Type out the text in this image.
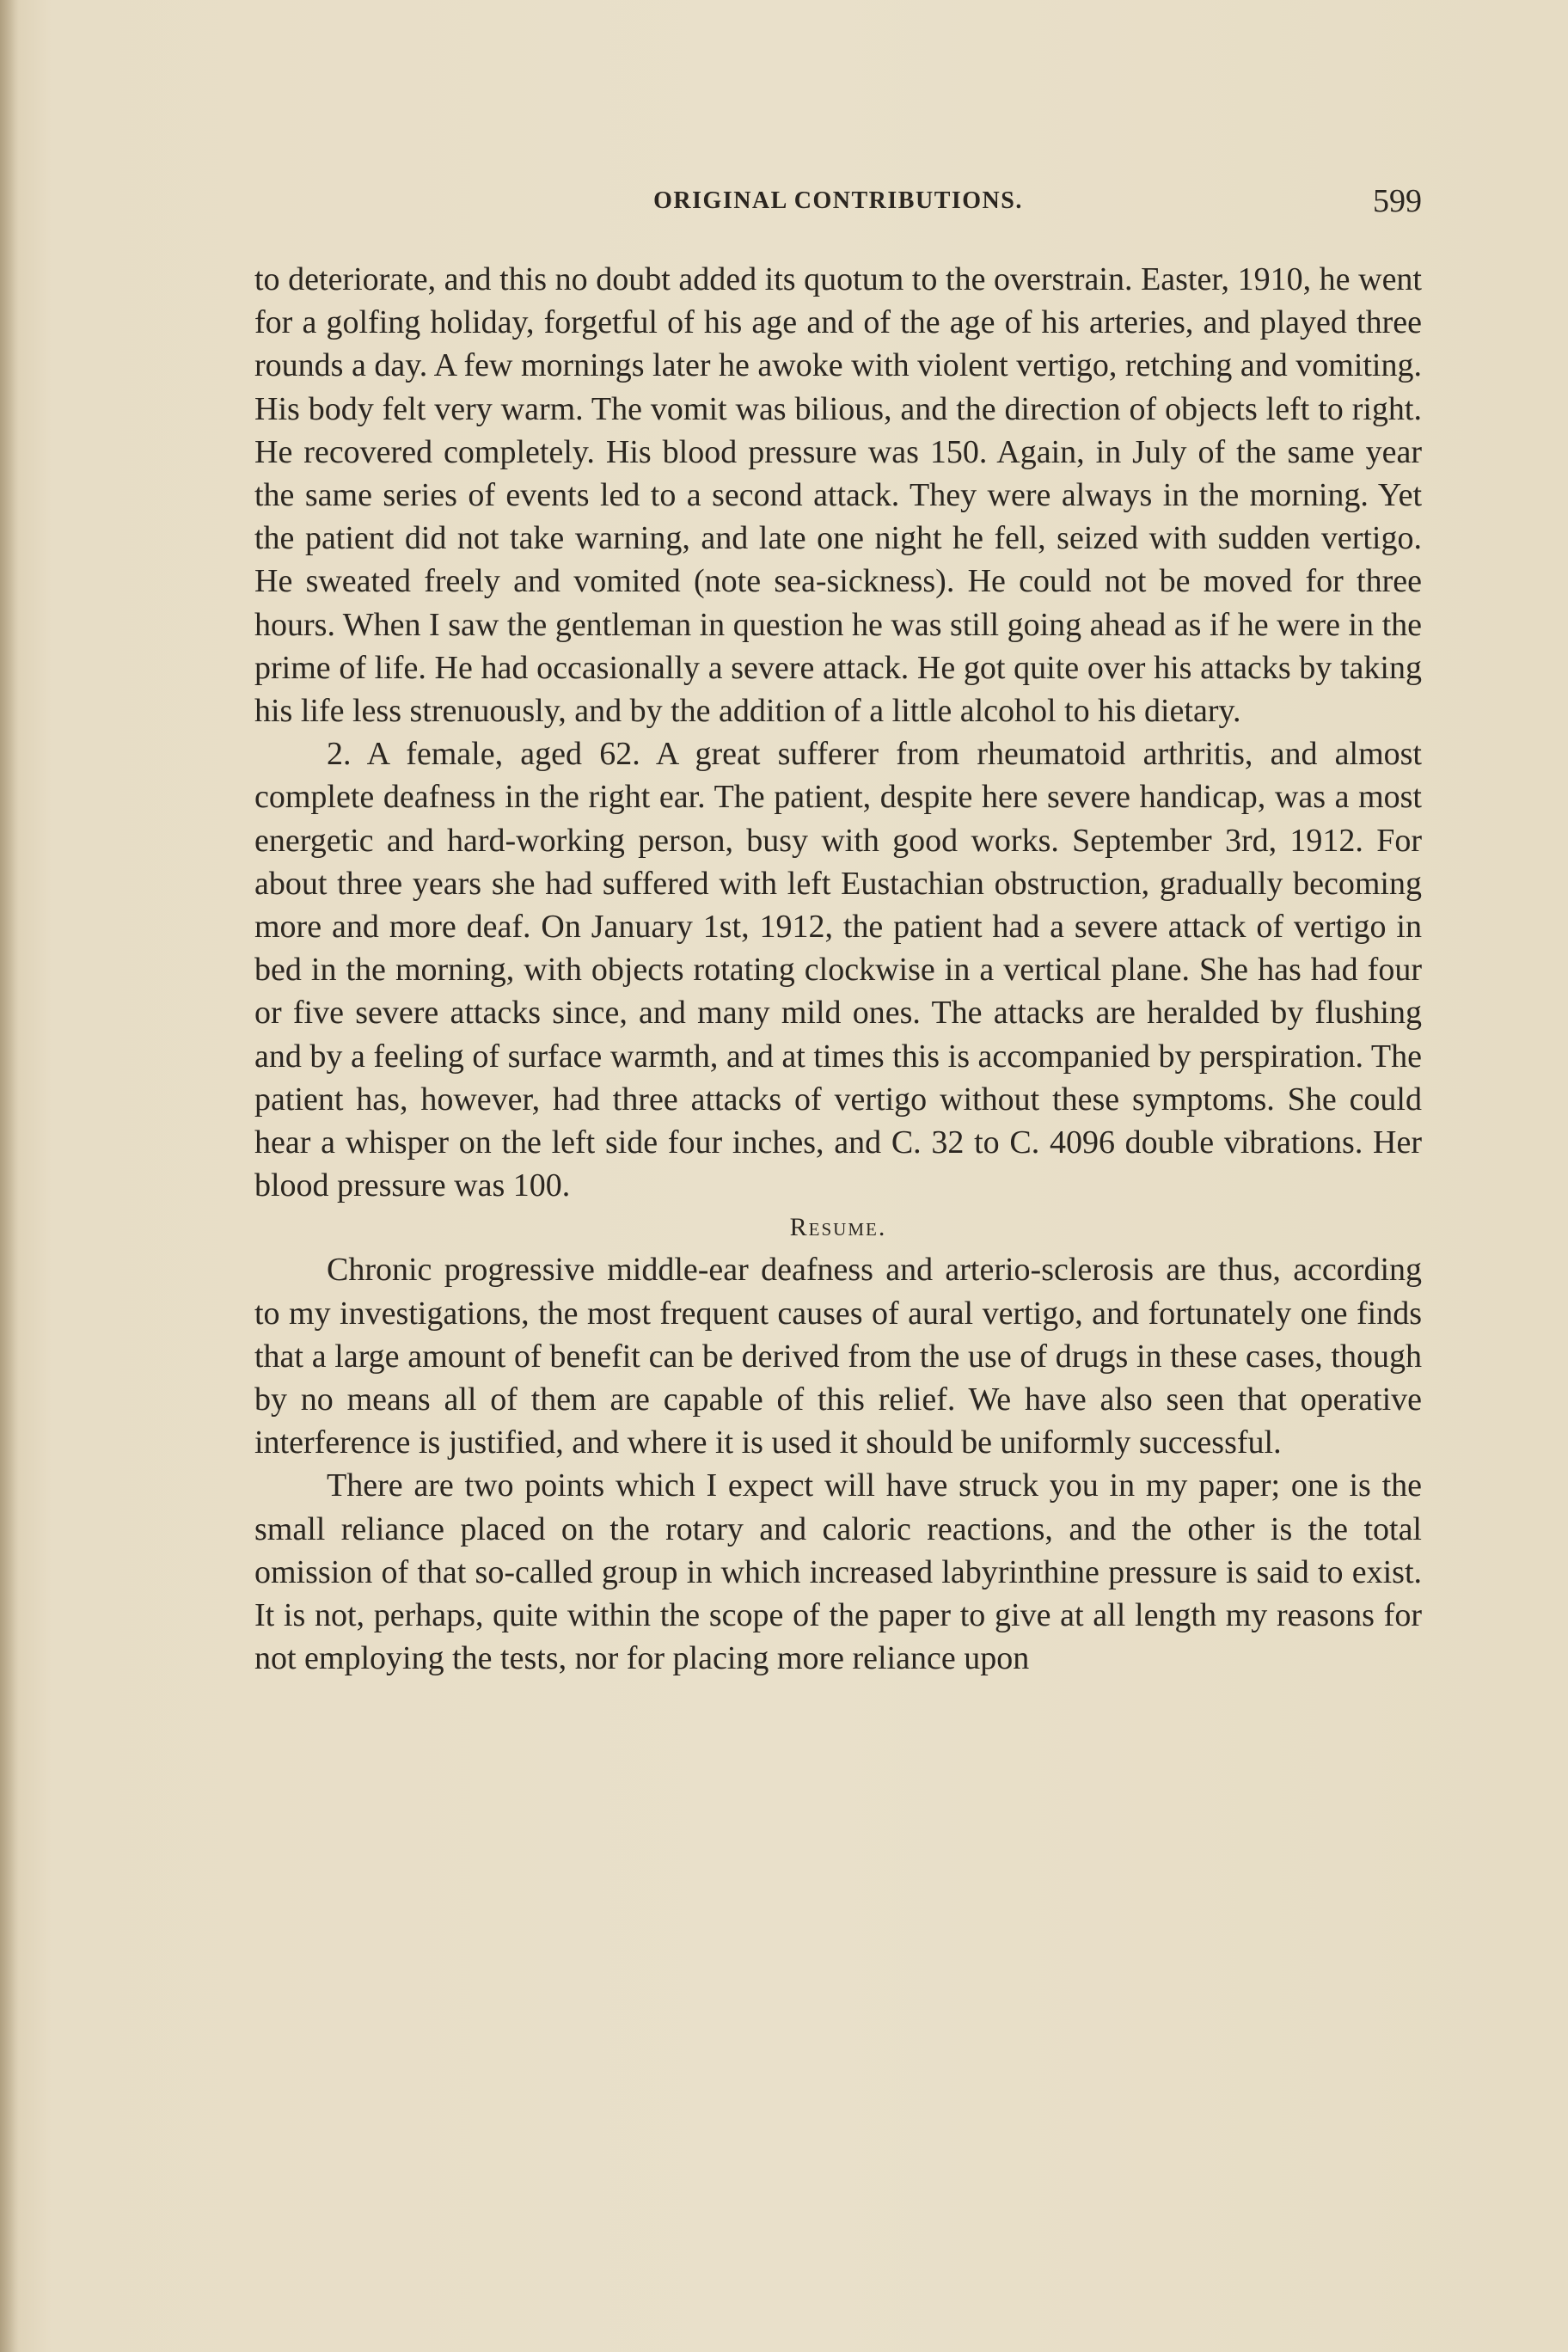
ORIGINAL CONTRIBUTIONS.	599

to deteriorate, and this no doubt added its quotum to the overstrain. Easter, 1910, he went for a golfing holiday, forgetful of his age and of the age of his arteries, and played three rounds a day. A few mornings later he awoke with violent vertigo, retching and vomiting. His body felt very warm. The vomit was bilious, and the direction of objects left to right. He recovered completely. His blood pressure was 150. Again, in July of the same year the same series of events led to a second attack. They were always in the morning. Yet the patient did not take warning, and late one night he fell, seized with sudden vertigo. He sweated freely and vomited (note sea-sickness). He could not be moved for three hours. When I saw the gentleman in question he was still going ahead as if he were in the prime of life. He had occasionally a severe attack. He got quite over his attacks by taking his life less strenuously, and by the addition of a little alcohol to his dietary.

2. A female, aged 62. A great sufferer from rheumatoid arthritis, and almost complete deafness in the right ear. The patient, despite here severe handicap, was a most energetic and hard-working person, busy with good works. September 3rd, 1912. For about three years she had suffered with left Eustachian obstruction, gradually becoming more and more deaf. On January 1st, 1912, the patient had a severe attack of vertigo in bed in the morning, with objects rotating clockwise in a vertical plane. She has had four or five severe attacks since, and many mild ones. The attacks are heralded by flushing and by a feeling of surface warmth, and at times this is accompanied by perspiration. The patient has, however, had three attacks of vertigo without these symptoms. She could hear a whisper on the left side four inches, and C. 32 to C. 4096 double vibrations. Her blood pressure was 100.

Resume.

Chronic progressive middle-ear deafness and arterio-sclerosis are thus, according to my investigations, the most frequent causes of aural vertigo, and fortunately one finds that a large amount of benefit can be derived from the use of drugs in these cases, though by no means all of them are capable of this relief. We have also seen that operative interference is justified, and where it is used it should be uniformly successful.

There are two points which I expect will have struck you in my paper; one is the small reliance placed on the rotary and caloric reactions, and the other is the total omission of that so-called group in which increased labyrinthine pressure is said to exist. It is not, perhaps, quite within the scope of the paper to give at all length my reasons for not employing the tests, nor for placing more reliance upon
